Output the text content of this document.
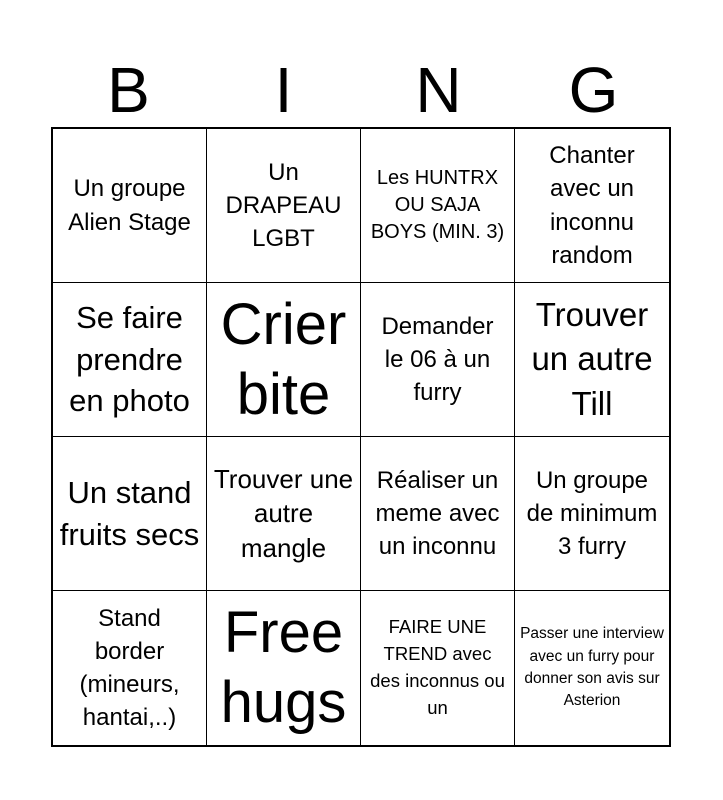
B	I	N	G
Un groupe Alien Stage
Un DRAPEAU LGBT
Les HUNTRX OU SAJA BOYS (MIN. 3)
Chanter avec un inconnu random
Se faire prendre en photo
Crier bite
Demander le 06 à un furry
Trouver un autre Till
Un stand fruits secs
Trouver une autre mangle
Réaliser un meme avec un inconnu
Un groupe de minimum 3 furry
Stand border (mineurs, hantai,..)
Free hugs
FAIRE UNE TREND avec des inconnus ou un
Passer une interview avec un furry pour donner son avis sur Asterion
